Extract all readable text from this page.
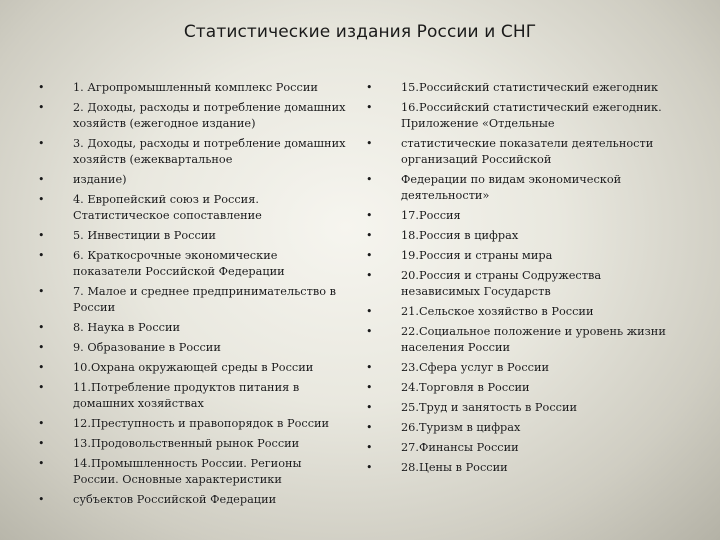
Статистические издания России и СНГ
•	1. Агропромышленный комплекс России
•	2. Доходы, расходы и потребление домашних хозяйств (ежегодное издание)
•	3. Доходы, расходы и потребление домашних хозяйств (ежеквартальное
•	издание)
•	4. Европейский союз и Россия. Статистическое сопоставление
•	5. Инвестиции в России
•	6. Краткосрочные экономические показатели Российской Федерации
•	7. Малое и среднее предпринимательство в России
•	8. Наука в России
•	9. Образование в России
•	10.Охрана окружающей среды в России
•	11.Потребление продуктов питания в домашних хозяйствах
•	12.Преступность и правопорядок в России
•	13.Продовольственный рынок России
•	14.Промышленность России. Регионы России. Основные характеристики
•	субъектов Российской Федерации
•	15.Российский статистический ежегодник
•	16.Российский статистический ежегодник. Приложение «Отдельные
•	статистические показатели деятельности организаций Российской
•	Федерации по видам экономической деятельности»
•	17.Россия
•	18.Россия в цифрах
•	19.Россия и страны мира
•	20.Россия и страны Содружества независимых Государств
•	21.Сельское хозяйство в России
•	22.Социальное положение и уровень жизни населения России
•	23.Сфера услуг в России
•	24.Торговля в России
•	25.Труд и занятость в России
•	26.Туризм в цифрах
•	27.Финансы России
•	28.Цены в России
